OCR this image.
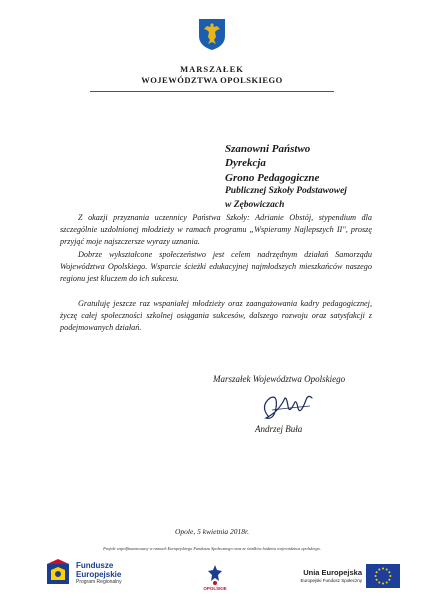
MARSZAŁEK
WOJEWÓDZTWA OPOLSKIEGO
Szanowni Państwo
Dyrekcja
Grono Pedagogiczne
Publicznej Szkoły Podstawowej
w Zębowiczach

Z okazji przyznania uczennicy Państwa Szkoły: Adrianie Obstój, stypendium dla szczególnie uzdolnionej młodzieży w ramach programu „Wspieramy Najlepszych II", proszę przyjąć moje najszczersze wyrazy uznania.

Dobrze wykształcone społeczeństwo jest celem nadrzędnym działań Samorządu Województwa Opolskiego. Wsparcie ścieżki edukacyjnej najmłodszych mieszkańców naszego regionu jest kluczem do ich sukcesu.

Gratuluję jeszcze raz wspaniałej młodzieży oraz zaangażowania kadry pedagogicznej, życzę całej społeczności szkolnej osiągania sukcesów, dalszego rozwoju oraz satysfakcji z podejmowanych działań.

Marszałek Województwa Opolskiego
Andrzej Buła
Opole, 5 kwietnia 2018r.
Projekt współfinansowany w ramach Europejskiego Funduszu Społecznego oraz ze środków budżetu województwa opolskiego.
Fundusze
Europejskie
Program Regionalny
OPOLSKIE
Unia Europejska
Europejski Fundusz Społeczny
